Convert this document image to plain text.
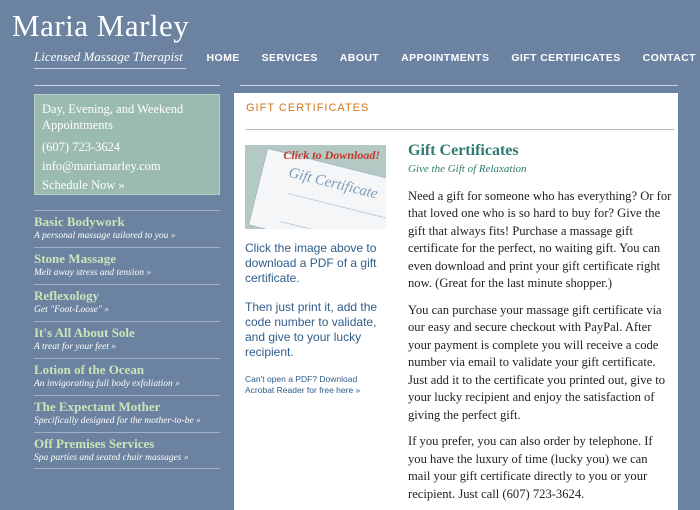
Maria Marley
Licensed Massage Therapist HOME SERVICES ABOUT APPOINTMENTS GIFT CERTIFICATES CONTACT
Day, Evening, and Weekend Appointments
(607) 723-3624
info@mariamarley.com
Schedule Now »
Basic Bodywork
A personal massage tailored to you »
Stone Massage
Melt away stress and tension »
Reflexology
Get "Foot-Loose" »
It's All About Sole
A treat for your feet »
Lotion of the Ocean
An invigorating full body exfoliation »
The Expectant Mother
Specifically designed for the mother-to-be »
Off Premises Services
Spa parties and seated chair massages »
GIFT CERTIFICATES
Gift Certificate
Click to Download!

Click the image above to download a PDF of a gift certificate.

Then just print it, add the code number to validate, and give to your lucky recipient.

Can't open a PDF? Download Acrobat Reader for free here »
Gift Certificates
Give the Gift of Relaxation

Need a gift for someone who has everything? Or for that loved one who is so hard to buy for? Give the gift that always fits! Purchase a massage gift certificate for the perfect, no waiting gift. You can even download and print your gift certificate right now. (Great for the last minute shopper.)

You can purchase your massage gift certificate via our easy and secure checkout with PayPal. After your payment is complete you will receive a code number via email to validate your gift certificate. Just add it to the certificate you printed out, give to your lucky recipient and enjoy the satisfaction of giving the perfect gift.

If you prefer, you can also order by telephone. If you have the luxury of time (lucky you) we can mail your gift certificate directly to you or your recipient. Just call (607) 723-3624.
